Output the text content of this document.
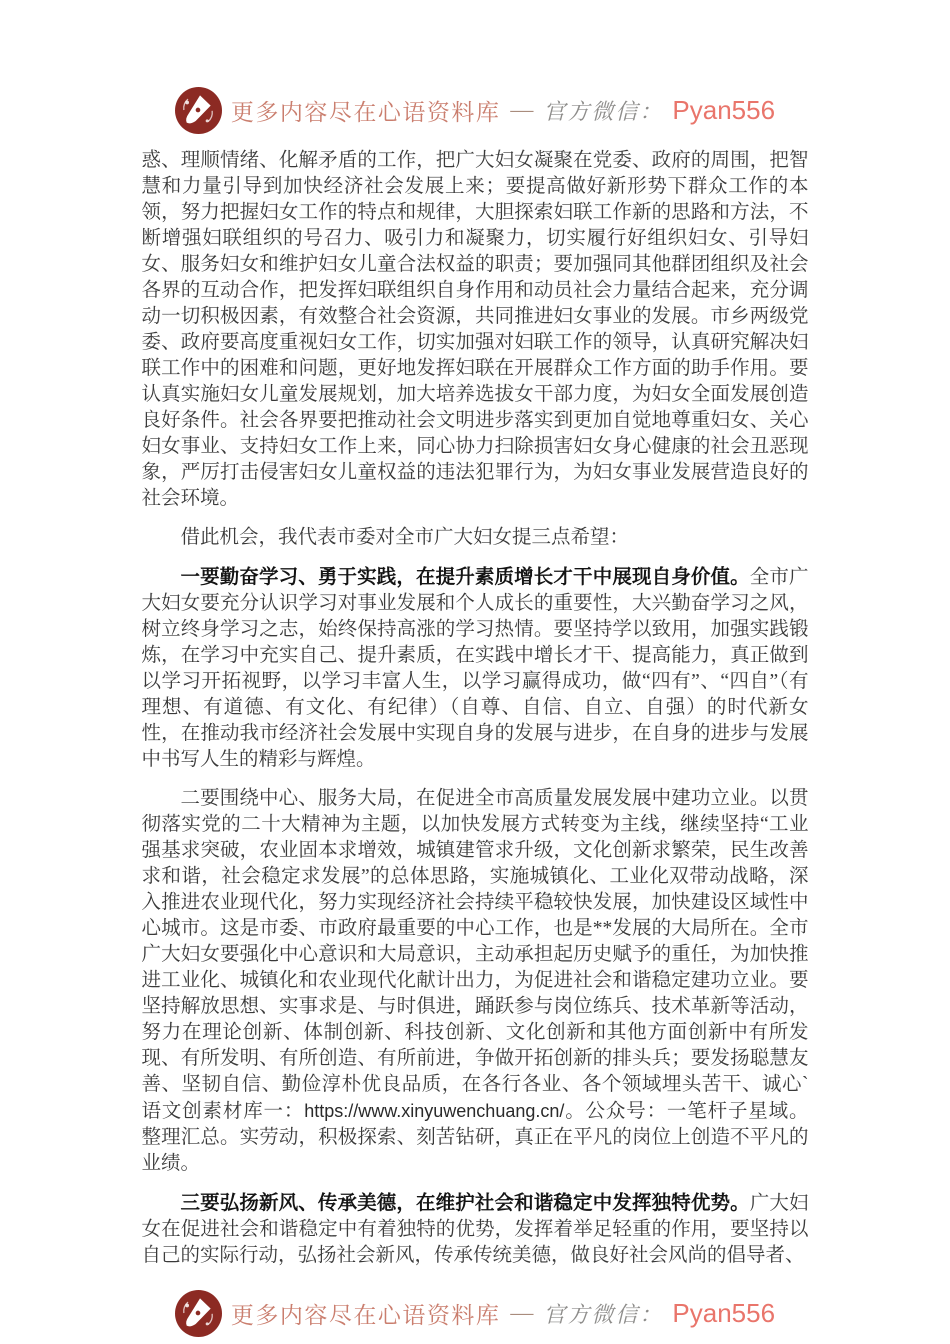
更多内容尽在心语资料库 — 官方微信： Pyan556

惑、理顺情绪、化解矛盾的工作，把广大妇女凝聚在党委、政府的周围，把智慧和力量引导到加快经济社会发展上来；要提高做好新形势下群众工作的本领，努力把握妇女工作的特点和规律，大胆探索妇联工作新的思路和方法，不断增强妇联组织的号召力、吸引力和凝聚力，切实履行好组织妇女、引导妇女、服务妇女和维护妇女儿童合法权益的职责；要加强同其他群团组织及社会各界的互动合作，把发挥妇联组织自身作用和动员社会力量结合起来，充分调动一切积极因素，有效整合社会资源，共同推进妇女事业的发展。市乡两级党委、政府要高度重视妇女工作，切实加强对妇联工作的领导，认真研究解决妇联工作中的困难和问题，更好地发挥妇联在开展群众工作方面的助手作用。要认真实施妇女儿童发展规划，加大培养选拔女干部力度，为妇女全面发展创造良好条件。社会各界要把推动社会文明进步落实到更加自觉地尊重妇女、关心妇女事业、支持妇女工作上来，同心协力扫除损害妇女身心健康的社会丑恶现象，严厉打击侵害妇女儿童权益的违法犯罪行为，为妇女事业发展营造良好的社会环境。

借此机会，我代表市委对全市广大妇女提三点希望：

一要勤奋学习、勇于实践，在提升素质增长才干中展现自身价值。全市广大妇女要充分认识学习对事业发展和个人成长的重要性，大兴勤奋学习之风，树立终身学习之志，始终保持高涨的学习热情。要坚持学以致用，加强实践锻炼，在学习中充实自己、提升素质，在实践中增长才干、提高能力，真正做到以学习开拓视野，以学习丰富人生，以学习赢得成功，做“四有”、“四自”（有理想、有道德、有文化、有纪律）（自尊、自信、自立、自强）的时代新女性，在推动我市经济社会发展中实现自身的发展与进步，在自身的进步与发展中书写人生的精彩与辉煌。

二要围绕中心、服务大局，在促进全市高质量发展发展中建功立业。以贯彻落实党的二十大精神为主题，以加快发展方式转变为主线，继续坚持“工业强基求突破，农业固本求增效，城镇建管求升级，文化创新求繁荣，民生改善求和谐，社会稳定求发展”的总体思路，实施城镇化、工业化双带动战略，深入推进农业现代化，努力实现经济社会持续平稳较快发展，加快建设区域性中心城市。这是市委、市政府最重要的中心工作，也是**发展的大局所在。全市广大妇女要强化中心意识和大局意识，主动承担起历史赋予的重任，为加快推进工业化、城镇化和农业现代化献计出力，为促进社会和谐稳定建功立业。要坚持解放思想、实事求是、与时俱进，踊跃参与岗位练兵、技术革新等活动，努力在理论创新、体制创新、科技创新、文化创新和其他方面创新中有所发现、有所发明、有所创造、有所前进，争做开拓创新的排头兵；要发扬聪慧友善、坚韧自信、勤俭淳朴优良品质，在各行各业、各个领域埋头苦干、诚心`语文创素材库一：https://www.xinyuwenchuang.cn/。公众号：一笔杆子星域。整理汇总。实劳动，积极探索、刻苦钻研，真正在平凡的岗位上创造不平凡的业绩。

三要弘扬新风、传承美德，在维护社会和谐稳定中发挥独特优势。广大妇女在促进社会和谐稳定中有着独特的优势，发挥着举足轻重的作用，要坚持以自己的实际行动，弘扬社会新风，传承传统美德，做良好社会风尚的倡导者、

更多内容尽在心语资料库 — 官方微信： Pyan556
